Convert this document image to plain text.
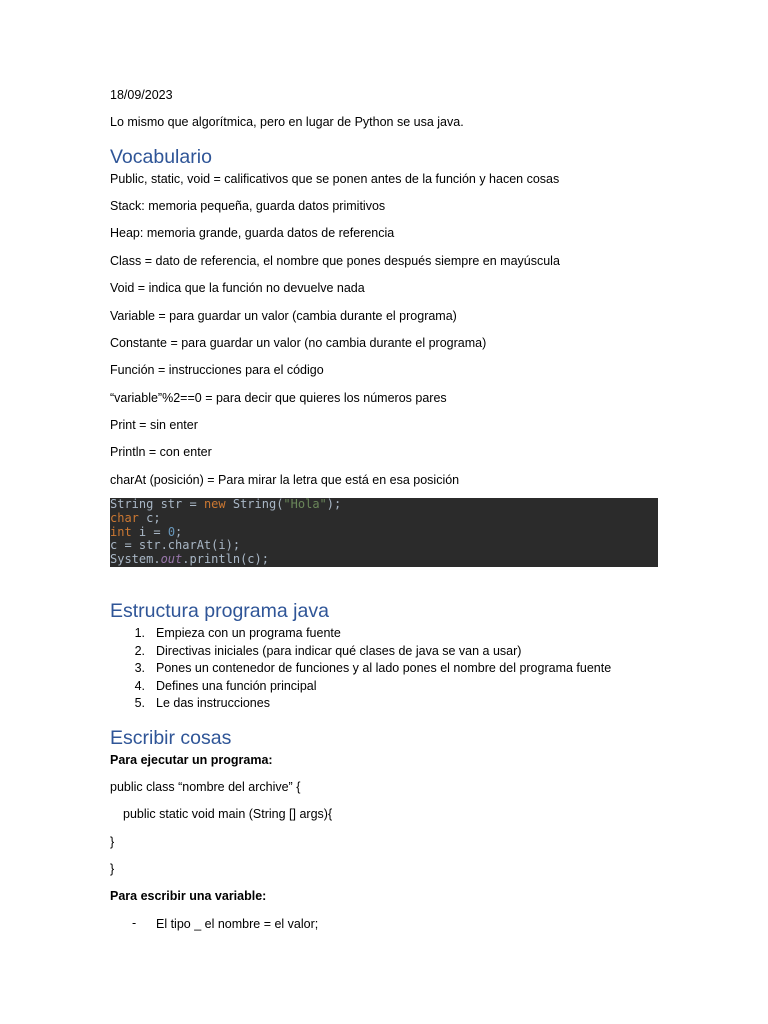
18/09/2023
Lo mismo que algorítmica, pero en lugar de Python se usa java.
Vocabulario
Public, static, void = calificativos que se ponen antes de la función y hacen cosas
Stack: memoria pequeña, guarda datos primitivos
Heap: memoria grande, guarda datos de referencia
Class = dato de referencia, el nombre que pones después siempre en mayúscula
Void = indica que la función no devuelve nada
Variable = para guardar un valor (cambia durante el programa)
Constante = para guardar un valor (no cambia durante el programa)
Función = instrucciones para el código
“variable”%2==0 = para decir que quieres los números pares
Print = sin enter
Println = con enter
charAt (posición) = Para mirar la letra que está en esa posición
String str = new String("Hola");
char c;
int i = 0;
c = str.charAt(i);
System.out.println(c);
Estructura programa java
1. Empieza con un programa fuente
2. Directivas iniciales (para indicar qué clases de java se van a usar)
3. Pones un contenedor de funciones y al lado pones el nombre del programa fuente
4. Defines una función principal
5. Le das instrucciones
Escribir cosas
Para ejecutar un programa:
public class “nombre del archive” {
public static void main (String [] args){
}
}
Para escribir una variable:
- El tipo _ el nombre = el valor;
